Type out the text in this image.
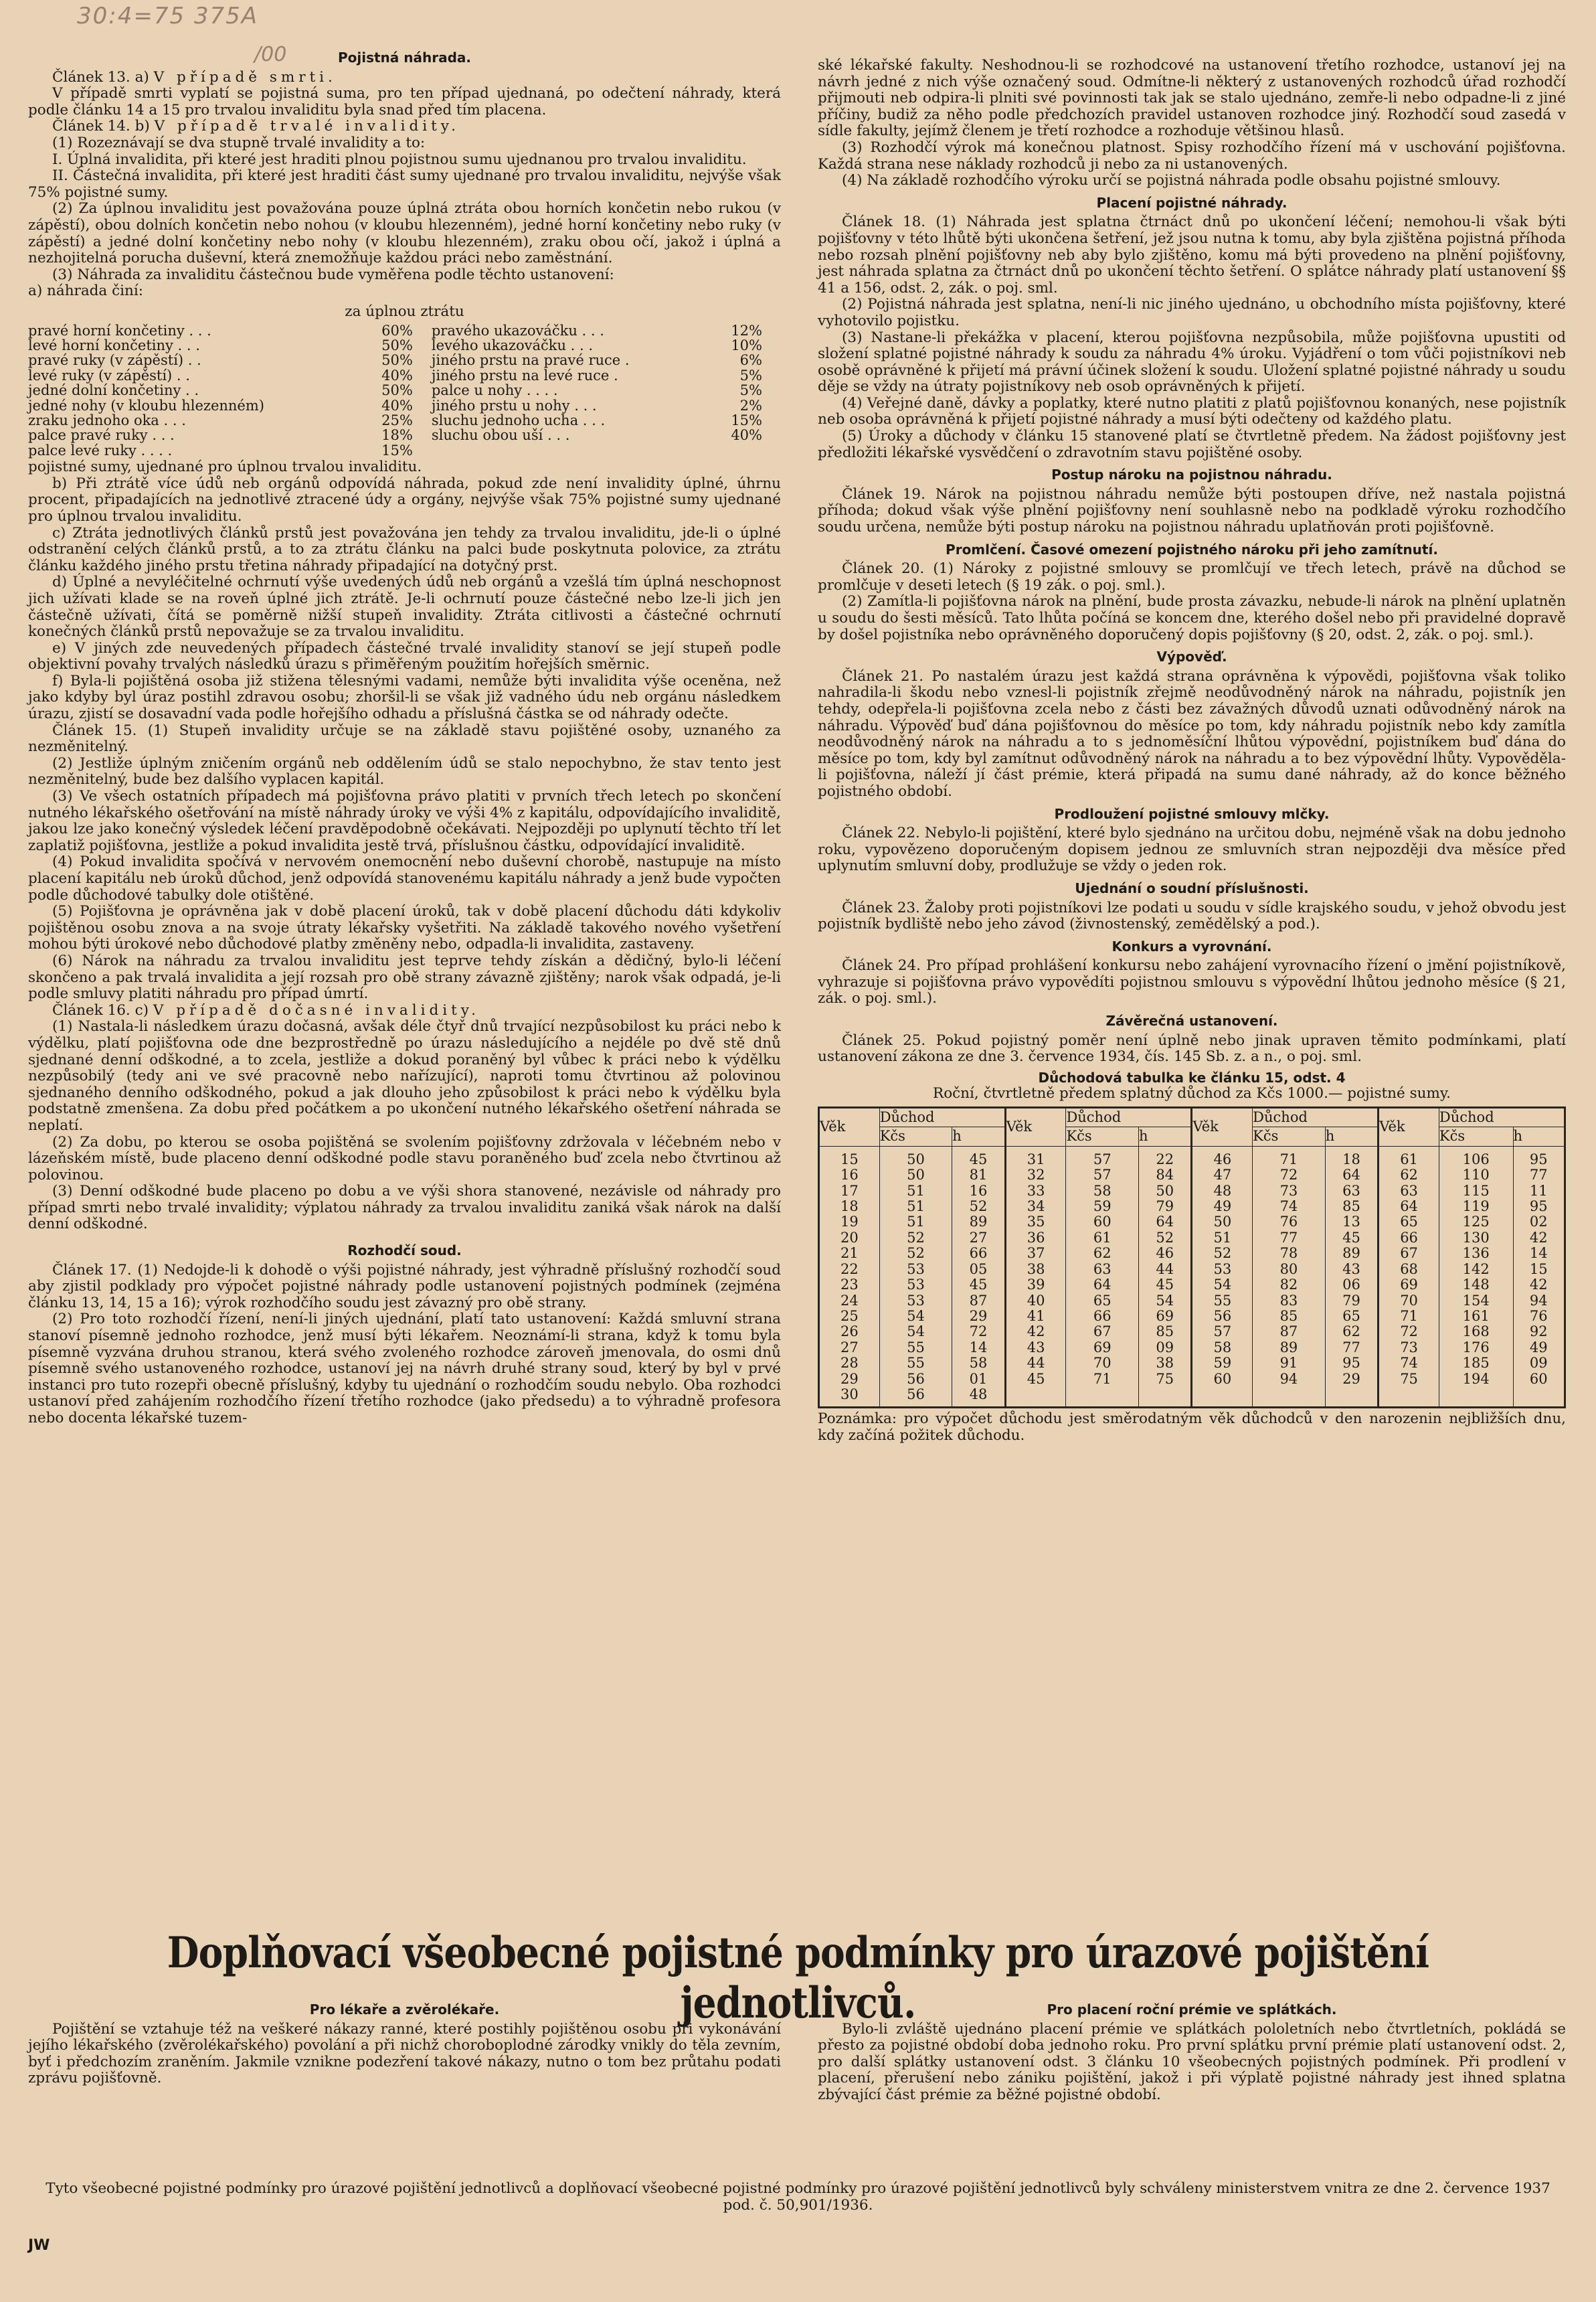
30:4=75 375A
/00	Pojistná náhrada.

Článek 13. a) V případě smrti.

V případě smrti vyplatí se pojistná suma, pro ten případ ujednaná, po odečtení náhrady, která podle článku 14 a 15 pro trvalou invaliditu byla snad před tím placena.

Článek 14. b) V případě trvalé invalidity.

(1) Rozeznávají se dva stupně trvalé invalidity a to:

I. Úplná invalidita, při které jest hraditi plnou pojistnou sumu ujednanou pro trvalou invaliditu.

II. Částečná invalidita, při které jest hraditi část sumy ujednané pro trvalou invaliditu, nejvýše však 75% pojistné sumy.

(2) Za úplnou invaliditu jest považována pouze úplná ztráta obou horních končetin nebo rukou (v zápěstí), obou dolních končetin nebo nohou (v kloubu hlezenném), jedné horní končetiny nebo ruky (v zápěstí) a jedné dolní končetiny nebo nohy (v kloubu hlezenném), zraku obou očí, jakož i úplná a nezhojitelná porucha duševní, která znemožňuje každou práci nebo zaměstnání.

(3) Náhrada za invaliditu částečnou bude vyměřena podle těchto ustanovení:

a) náhrada činí:

za úplnou ztrátu
pravé horní končetiny . . .	60%	pravého ukazováčku . . .	12%
levé horní končetiny . . .	50%	levého ukazováčku . . .	10%
pravé ruky (v zápěstí) . .	50%	jiného prstu na pravé ruce .	6%
levé ruky (v zápěstí) . .	40%	jiného prstu na levé ruce .	5%
jedné dolní končetiny . .	50%	palce u nohy . . . .	5%
jedné nohy (v kloubu hlezenném)	40%	jiného prstu u nohy . . .	2%
zraku jednoho oka . . .	25%	sluchu jednoho ucha . . .	15%
palce pravé ruky . . .	18%	sluchu obou uší . . .	40%
palce levé ruky . . . .	15%		

pojistné sumy, ujednané pro úplnou trvalou invaliditu.

b) Při ztrátě více údů neb orgánů odpovídá náhrada, pokud zde není invalidity úplné, úhrnu procent, připadajících na jednotlivé ztracené údy a orgány, nejvýše však 75% pojistné sumy ujednané pro úplnou trvalou invaliditu.

c) Ztráta jednotlivých článků prstů jest považována jen tehdy za trvalou invaliditu, jde-li o úplné odstranění celých článků prstů, a to za ztrátu článku na palci bude poskytnuta polovice, za ztrátu článku každého jiného prstu třetina náhrady připadající na dotyčný prst.

d) Úplné a nevyléčitelné ochrnutí výše uvedených údů neb orgánů a vzešlá tím úplná neschopnost jich užívati klade se na roveň úplné jich ztrátě. Je-li ochrnutí pouze částečné nebo lze-li jich jen částečně užívati, čítá se poměrně nižší stupeň invalidity. Ztráta citlivosti a částečné ochrnutí konečných článků prstů nepovažuje se za trvalou invaliditu.

e) V jiných zde neuvedených případech částečné trvalé invalidity stanoví se její stupeň podle objektivní povahy trvalých následků úrazu s přiměřeným použitím hořejších směrnic.

f) Byla-li pojištěná osoba již stižena tělesnými vadami, nemůže býti invalidita výše oceněna, než jako kdyby byl úraz postihl zdravou osobu; zhoršil-li se však již vadného údu neb orgánu následkem úrazu, zjistí se dosavadní vada podle hořejšího odhadu a příslušná částka se od náhrady odečte.

Článek 15. (1) Stupeň invalidity určuje se na základě stavu pojištěné osoby, uznaného za nezměnitelný.

(2) Jestliže úplným zničením orgánů neb oddělením údů se stalo nepochybno, že stav tento jest nezměnitelný, bude bez dalšího vyplacen kapitál.

(3) Ve všech ostatních případech má pojišťovna právo platiti v prvních třech letech po skončení nutného lékařského ošetřování na místě náhrady úroky ve výši 4% z kapitálu, odpovídajícího invaliditě, jakou lze jako konečný výsledek léčení pravděpodobně očekávati. Nejpozději po uplynutí těchto tří let zaplatiž pojišťovna, jestliže a pokud invalidita jestě trvá, příslušnou částku, odpovídající invaliditě.

(4) Pokud invalidita spočívá v nervovém onemocnění nebo duševní chorobě, nastupuje na místo placení kapitálu neb úroků důchod, jenž odpovídá stanovenému kapitálu náhrady a jenž bude vypočten podle důchodové tabulky dole otištěné.

(5) Pojišťovna je oprávněna jak v době placení úroků, tak v době placení důchodu dáti kdykoliv pojištěnou osobu znova a na svoje útraty lékařsky vyšetřiti. Na základě takového nového vyšetření mohou býti úrokové nebo důchodové platby změněny nebo, odpadla-li invalidita, zastaveny.

(6) Nárok na náhradu za trvalou invaliditu jest teprve tehdy získán a dědičný, bylo-li léčení skončeno a pak trvalá invalidita a její rozsah pro obě strany závazně zjištěny; narok však odpadá, je-li podle smluvy platiti náhradu pro případ úmrtí.

Článek 16. c) V případě dočasné invalidity.

(1) Nastala-li následkem úrazu dočasná, avšak déle čtyř dnů trvající nezpůsobilost ku práci nebo k výdělku, platí pojišťovna ode dne bezprostředně po úrazu následujícího a nejdéle po dvě stě dnů sjednané denní odškodné, a to zcela, jestliže a dokud poraněný byl vůbec k práci nebo k výdělku nezpůsobilý (tedy ani ve své pracovně nebo nařízující), naproti tomu čtvrtinou až polovinou sjednaného denního odškodného, pokud a jak dlouho jeho způsobilost k práci nebo k výdělku byla podstatně zmenšena. Za dobu před počátkem a po ukončení nutného lékařského ošetření náhrada se neplatí.

(2) Za dobu, po kterou se osoba pojištěná se svolením pojišťovny zdržovala v léčebném nebo v lázeňském místě, bude placeno denní odškodné podle stavu poraněného buď zcela nebo čtvrtinou až polovinou.

(3) Denní odškodné bude placeno po dobu a ve výši shora stanovené, nezávisle od náhrady pro případ smrti nebo trvalé invalidity; výplatou náhrady za trvalou invaliditu zaniká však nárok na další denní odškodné.

Rozhodčí soud.

Článek 17. (1) Nedojde-li k dohodě o výši pojistné náhrady, jest výhradně příslušný rozhodčí soud aby zjistil podklady pro výpočet pojistné náhrady podle ustanovení pojistných podmínek (zejména článku 13, 14, 15 a 16); výrok rozhodčího soudu jest závazný pro obě strany.

(2) Pro toto rozhodčí řízení, není-li jiných ujednání, platí tato ustanovení: Každá smluvní strana stanoví písemně jednoho rozhodce, jenž musí býti lékařem. Neoznámí-li strana, když k tomu byla písemně vyzvána druhou stranou, která svého zvoleného rozhodce zároveň jmenovala, do osmi dnů písemně svého ustanoveného rozhodce, ustanoví jej na návrh druhé strany soud, který by byl v prvé instanci pro tuto rozepři obecně příslušný, kdyby tu ujednání o rozhodčím soudu nebylo. Oba rozhodci ustanoví před zahájením rozhodčího řízení třetího rozhodce (jako předsedu) a to výhradně profesora nebo docenta lékařské tuzem-

ské lékařské fakulty. Neshodnou-li se rozhodcové na ustanovení třetího rozhodce, ustanoví jej na návrh jedné z nich výše označený soud. Odmítne-li některý z ustanovených rozhodců úřad rozhodčí přijmouti neb odpira-li plniti své povinnosti tak jak se stalo ujednáno, zemře-li nebo odpadne-li z jiné příčiny, budiž za něho podle předchozích pravidel ustanoven rozhodce jiný. Rozhodčí soud zasedá v sídle fakulty, jejímž členem je třetí rozhodce a rozhoduje většinou hlasů.

(3) Rozhodčí výrok má konečnou platnost. Spisy rozhodčího řízení má v uschování pojišťovna. Každá strana nese náklady rozhodců ji nebo za ni ustanovených.

(4) Na základě rozhodčího výroku určí se pojistná náhrada podle obsahu pojistné smlouvy.

Placení pojistné náhrady.

Článek 18. (1) Náhrada jest splatna čtrnáct dnů po ukončení léčení; nemohou-li však býti pojišťovny v této lhůtě býti ukončena šetření, jež jsou nutna k tomu, aby byla zjištěna pojistná příhoda nebo rozsah plnění pojišťovny neb aby bylo zjištěno, komu má býti provedeno na plnění pojišťovny, jest náhrada splatna za čtrnáct dnů po ukončení těchto šetření. O splátce náhrady platí ustanovení §§ 41 a 156, odst. 2, zák. o poj. sml.

(2) Pojistná náhrada jest splatna, není-li nic jiného ujednáno, u obchodního místa pojišťovny, které vyhotovilo pojistku.

(3) Nastane-li překážka v placení, kterou pojišťovna nezpůsobila, může pojišťovna upustiti od složení splatné pojistné náhrady k soudu za náhradu 4% úroku. Vyjádření o tom vůči pojistníkovi neb osobě oprávněné k přijetí má právní účinek složení k soudu. Uložení splatné pojistné náhrady u soudu děje se vždy na útraty pojistníkovy neb osob oprávněných k přijetí.

(4) Veřejné daně, dávky a poplatky, které nutno platiti z platů pojišťovnou konaných, nese pojistník neb osoba oprávněná k přijetí pojistné náhrady a musí býti odečteny od každého platu.

(5) Úroky a důchody v článku 15 stanovené platí se čtvrtletně předem. Na žádost pojišťovny jest předložiti lékařské vysvědčení o zdravotním stavu pojištěné osoby.

Postup nároku na pojistnou náhradu.

Článek 19. Nárok na pojistnou náhradu nemůže býti postoupen dříve, než nastala pojistná příhoda; dokud však výše plnění pojišťovny není souhlasně nebo na podkladě výroku rozhodčího soudu určena, nemůže býti postup nároku na pojistnou náhradu uplatňován proti pojišťovně.

Promlčení. Časové omezení pojistného nároku při jeho zamítnutí.

Článek 20. (1) Nároky z pojistné smlouvy se promlčují ve třech letech, právě na důchod se promlčuje v deseti letech (§ 19 zák. o poj. sml.).

(2) Zamítla-li pojišťovna nárok na plnění, bude prosta závazku, nebude-li nárok na plnění uplatněn u soudu do šesti měsíců. Tato lhůta počíná se koncem dne, kterého došel nebo při pravidelné dopravě by došel pojistníka nebo oprávněného doporučený dopis pojišťovny (§ 20, odst. 2, zák. o poj. sml.).

Výpověď.

Článek 21. Po nastalém úrazu jest každá strana oprávněna k výpovědi, pojišťovna však toliko nahradila-li škodu nebo vznesl-li pojistník zřejmě neodůvodněný nárok na náhradu, pojistník jen tehdy, odepřela-li pojišťovna zcela nebo z části bez závažných důvodů uznati odůvodněný nárok na náhradu. Výpověď buď dána pojišťovnou do měsíce po tom, kdy náhradu pojistník nebo kdy zamítla neodůvodněný nárok na náhradu a to s jednoměsíční lhůtou výpovědní, pojistníkem buď dána do měsíce po tom, kdy byl zamítnut odůvodněný nárok na náhradu a to bez výpovědní lhůty. Vypověděla-li pojišťovna, náleží jí část prémie, která připadá na sumu dané náhrady, až do konce běžného pojistného období.

Prodloužení pojistné smlouvy mlčky.

Článek 22. Nebylo-li pojištění, které bylo sjednáno na určitou dobu, nejméně však na dobu jednoho roku, vypovězeno doporučeným dopisem jednou ze smluvních stran nejpozději dva měsíce před uplynutím smluvní doby, prodlužuje se vždy o jeden rok.

Ujednání o soudní příslušnosti.

Článek 23. Žaloby proti pojistníkovi lze podati u soudu v sídle krajského soudu, v jehož obvodu jest pojistník bydliště nebo jeho závod (živnostenský, zemědělský a pod.).

Konkurs a vyrovnání.

Článek 24. Pro případ prohlášení konkursu nebo zahájení vyrovnacího řízení o jmění pojistníkově, vyhrazuje si pojišťovna právo vypovědíti pojistnou smlouvu s výpovědní lhůtou jednoho měsíce (§ 21, zák. o poj. sml.).

Závěrečná ustanovení.

Článek 25. Pokud pojistný poměr není úplně nebo jinak upraven těmito podmínkami, platí ustanovení zákona ze dne 3. července 1934, čís. 145 Sb. z. a n., o poj. sml.

Důchodová tabulka ke článku 15, odst. 4
Roční, čtvrtletně předem splatný důchod za Kčs 1000.— pojistné sumy.
Věk	Důchod		Věk	Důchod		Věk	Důchod		Věk	Důchod	
	Kčs	h		Kčs	h		Kčs	h		Kčs	h
15	50	45	31	57	22	46	71	18	61	106	95
16	50	81	32	57	84	47	72	64	62	110	77
17	51	16	33	58	50	48	73	63	63	115	11
18	51	52	34	59	79	49	74	85	64	119	95
19	51	89	35	60	64	50	76	13	65	125	02
20	52	27	36	61	52	51	77	45	66	130	42
21	52	66	37	62	46	52	78	89	67	136	14
22	53	05	38	63	44	53	80	43	68	142	15
23	53	45	39	64	45	54	82	06	69	148	42
24	53	87	40	65	54	55	83	79	70	154	94
25	54	29	41	66	69	56	85	65	71	161	76
26	54	72	42	67	85	57	87	62	72	168	92
27	55	14	43	69	09	58	89	77	73	176	49
28	55	58	44	70	38	59	91	95	74	185	09
29	56	01	45	71	75	60	94	29	75	194	60
30	56	48									

Poznámka: pro výpočet důchodu jest směrodatným věk důchodců v den narozenin nejbližších dnu, kdy začíná požitek důchodu.

Doplňovací všeobecné pojistné podmínky pro úrazové pojištění jednotlivců.
Pro lékaře a zvěrolékaře.

Pojištění se vztahuje též na veškeré nákazy ranné, které postihly pojištěnou osobu při vykonávání jejího lékařského (zvěrolékařského) povolání a při nichž choroboplodné zárodky vnikly do těla zevním, byť i předchozím zraněním. Jakmile vznikne podezření takové nákazy, nutno o tom bez průtahu podati zprávu pojišťovně.

Pro placení roční prémie ve splátkách.

Bylo-li zvláště ujednáno placení prémie ve splátkách pololetních nebo čtvrtletních, pokládá se přesto za pojistné období doba jednoho roku. Pro první splátku první prémie platí ustanovení odst. 2, pro další splátky ustanovení odst. 3 článku 10 všeobecných pojistných podmínek. Při prodlení v placení, přerušení nebo zániku pojištění, jakož i při výplatě pojistné náhrady jest ihned splatna zbývající část prémie za běžné pojistné období.

Tyto všeobecné pojistné podmínky pro úrazové pojištění jednotlivců a doplňovací všeobecné pojistné podmínky pro úrazové pojištění jednotlivců byly schváleny ministerstvem vnitra ze dne 2. července 1937 pod. č. 50,901/1936.
JW
